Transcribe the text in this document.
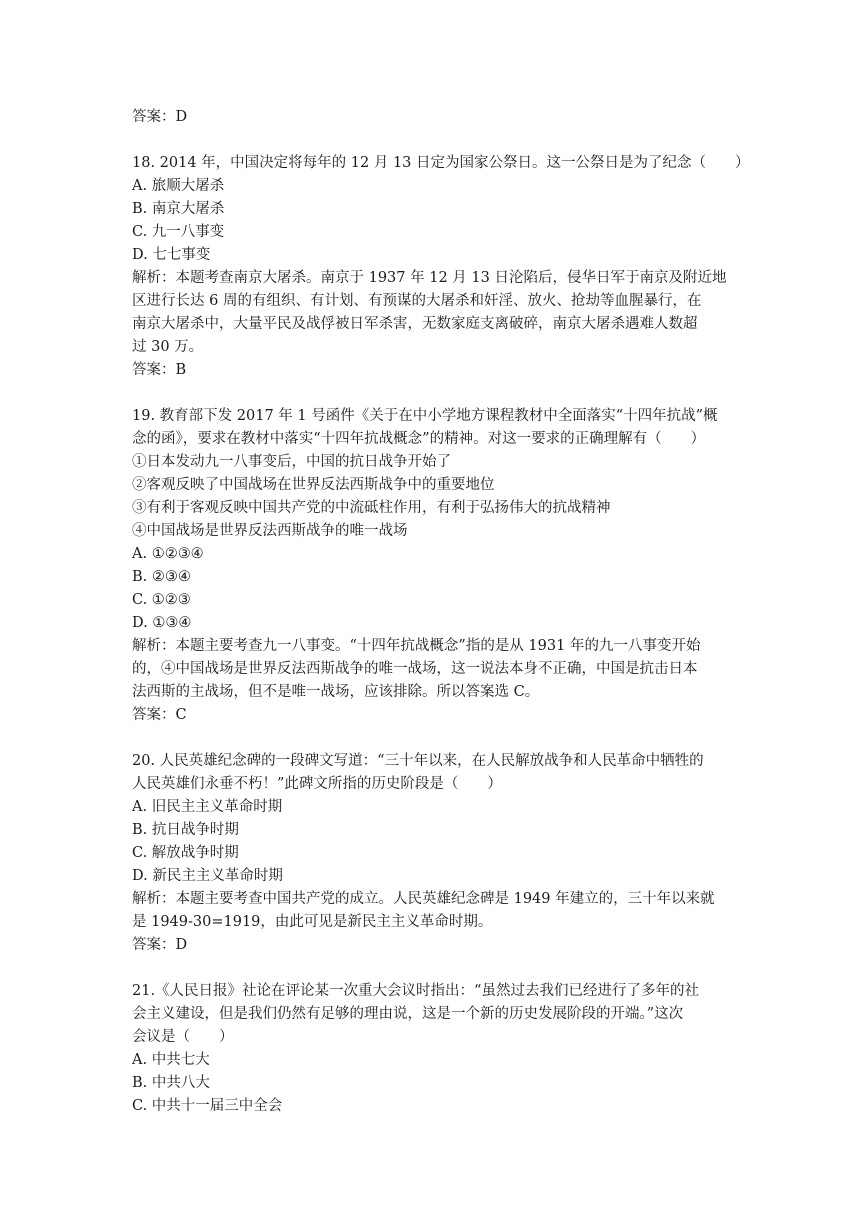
答案：D
18. 2014 年，中国决定将每年的 12 月 13 日定为国家公祭日。这一公祭日是为了纪念（　　）
A. 旅顺大屠杀
B. 南京大屠杀
C. 九一八事变
D. 七七事变
解析：本题考查南京大屠杀。南京于 1937 年 12 月 13 日沦陷后，侵华日军于南京及附近地
区进行长达 6 周的有组织、有计划、有预谋的大屠杀和奸淫、放火、抢劫等血腥暴行，在
南京大屠杀中，大量平民及战俘被日军杀害，无数家庭支离破碎，南京大屠杀遇难人数超
过 30 万。
答案：B
19. 教育部下发 2017 年 1 号函件《关于在中小学地方课程教材中全面落实“十四年抗战”概
念的函》，要求在教材中落实“十四年抗战概念”的精神。对这一要求的正确理解有（　　）
①日本发动九一八事变后，中国的抗日战争开始了
②客观反映了中国战场在世界反法西斯战争中的重要地位
③有利于客观反映中国共产党的中流砥柱作用，有利于弘扬伟大的抗战精神
④中国战场是世界反法西斯战争的唯一战场
A. ①②③④
B. ②③④
C. ①②③
D. ①③④
解析：本题主要考查九一八事变。“十四年抗战概念”指的是从 1931 年的九一八事变开始
的，④中国战场是世界反法西斯战争的唯一战场，这一说法本身不正确，中国是抗击日本
法西斯的主战场，但不是唯一战场，应该排除。所以答案选 C。
答案：C
20. 人民英雄纪念碑的一段碑文写道：“三十年以来，在人民解放战争和人民革命中牺牲的
人民英雄们永垂不朽！”此碑文所指的历史阶段是（　　）
A. 旧民主主义革命时期
B. 抗日战争时期
C. 解放战争时期
D. 新民主主义革命时期
解析：本题主要考查中国共产党的成立。人民英雄纪念碑是 1949 年建立的，三十年以来就
是 1949-30=1919，由此可见是新民主主义革命时期。
答案：D
21.《人民日报》社论在评论某一次重大会议时指出：“虽然过去我们已经进行了多年的社
会主义建设，但是我们仍然有足够的理由说，这是一个新的历史发展阶段的开端。”这次
会议是（　　）
A. 中共七大
B. 中共八大
C. 中共十一届三中全会
